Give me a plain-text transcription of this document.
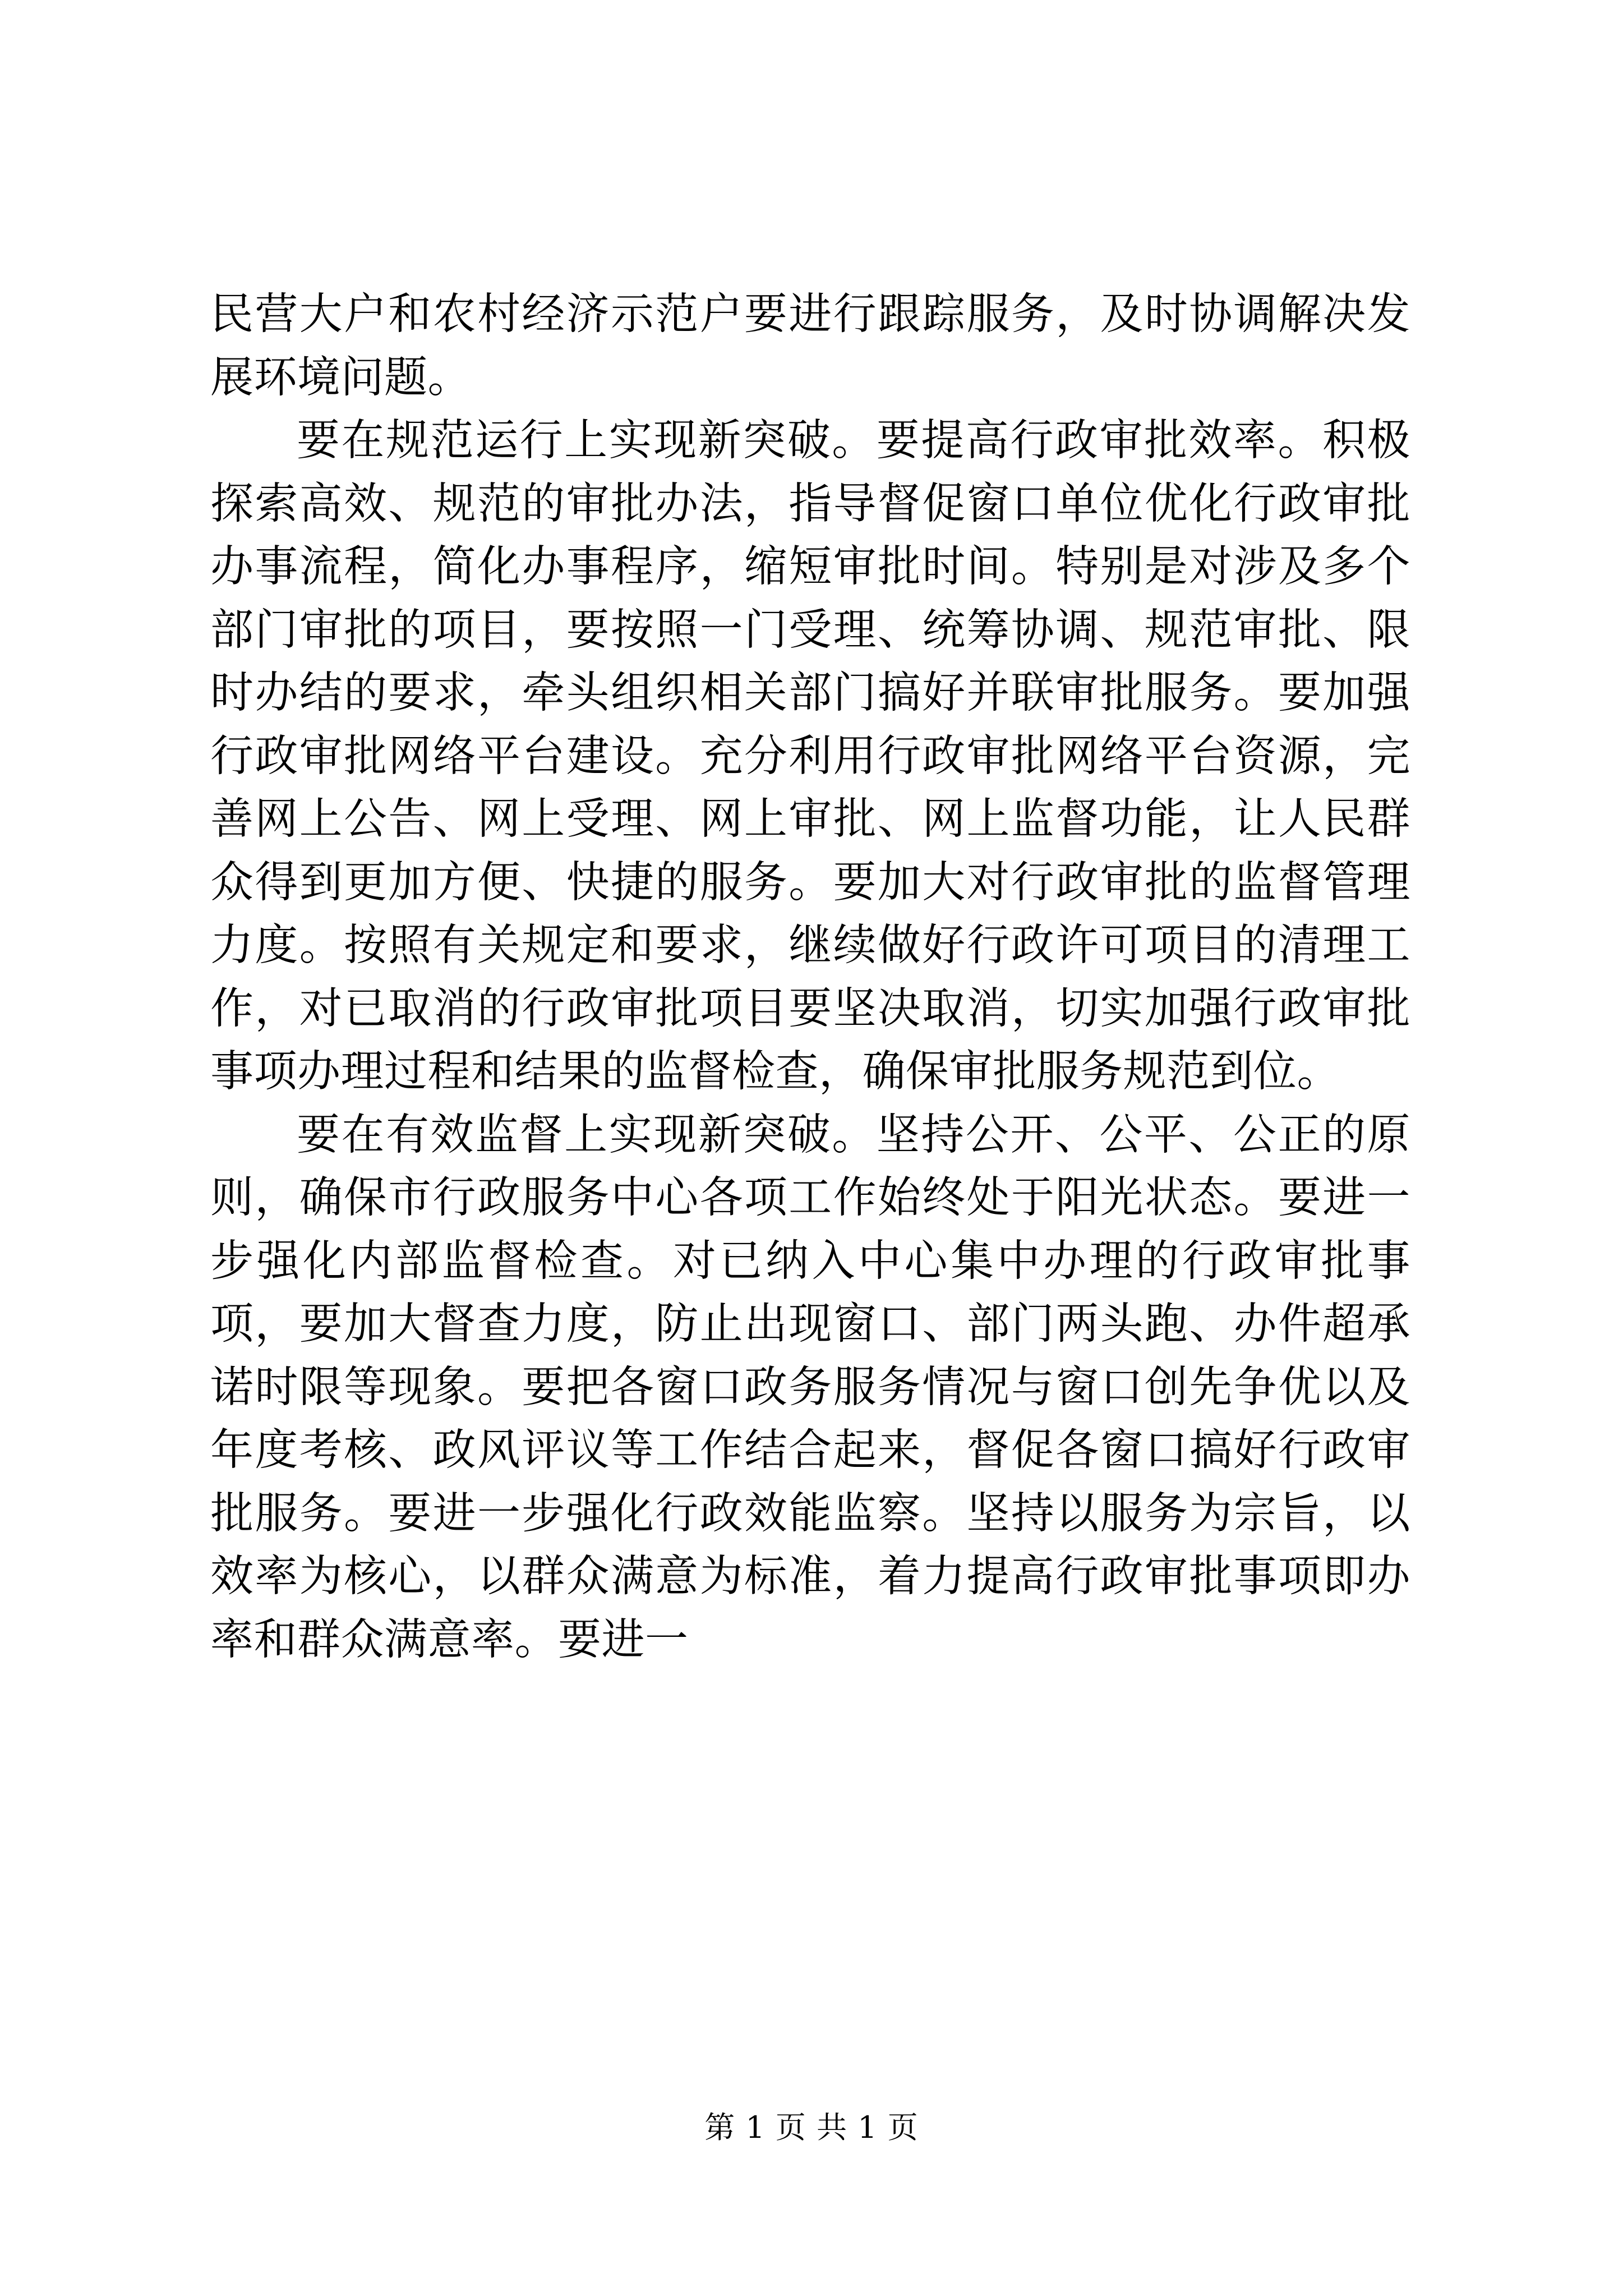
民营大户和农村经济示范户要进行跟踪服务，及时协调解决发展环境问题。

要在规范运行上实现新突破。要提高行政审批效率。积极探索高效、规范的审批办法，指导督促窗口单位优化行政审批办事流程，简化办事程序，缩短审批时间。特别是对涉及多个部门审批的项目，要按照一门受理、统筹协调、规范审批、限时办结的要求，牵头组织相关部门搞好并联审批服务。要加强行政审批网络平台建设。充分利用行政审批网络平台资源，完善网上公告、网上受理、网上审批、网上监督功能，让人民群众得到更加方便、快捷的服务。要加大对行政审批的监督管理力度。按照有关规定和要求，继续做好行政许可项目的清理工作，对已取消的行政审批项目要坚决取消，切实加强行政审批事项办理过程和结果的监督检查，确保审批服务规范到位。

要在有效监督上实现新突破。坚持公开、公平、公正的原则，确保市行政服务中心各项工作始终处于阳光状态。要进一步强化内部监督检查。对已纳入中心集中办理的行政审批事项，要加大督查力度，防止出现窗口、部门两头跑、办件超承诺时限等现象。要把各窗口政务服务情况与窗口创先争优以及年度考核、政风评议等工作结合起来，督促各窗口搞好行政审批服务。要进一步强化行政效能监察。坚持以服务为宗旨，以效率为核心，以群众满意为标准，着力提高行政审批事项即办率和群众满意率。要进一

第 1 页 共 1 页
